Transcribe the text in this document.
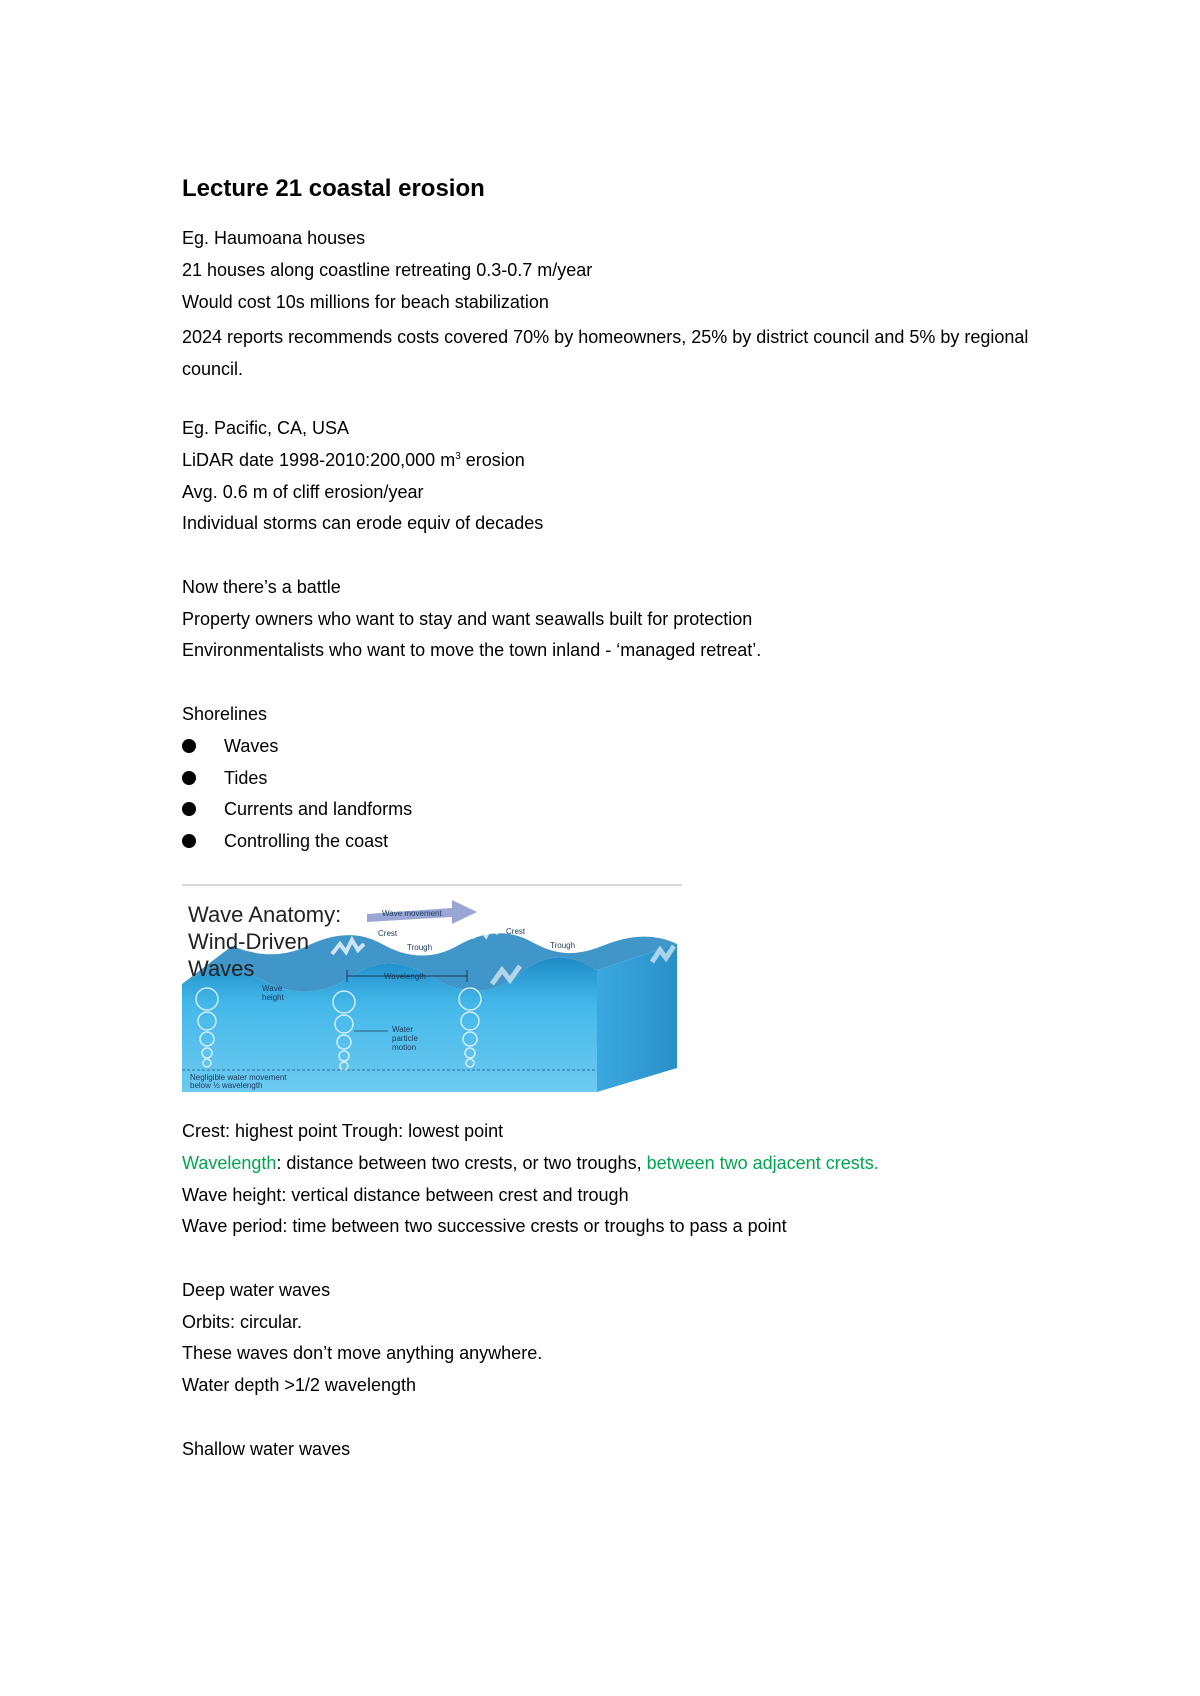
Lecture 21 coastal erosion
Eg. Haumoana houses
21 houses along coastline retreating 0.3-0.7 m/year
Would cost 10s millions for beach stabilization
2024 reports recommends costs covered 70% by homeowners, 25% by district council and 5% by regional council.
Eg. Pacific, CA, USA
LiDAR date 1998-2010:200,000 $m^3$ erosion
Avg. 0.6 m of cliff erosion/year
Individual storms can erode equiv of decades
Now there’s a battle
Property owners who want to stay and want seawalls built for protection
Environmentalists who want to move the town inland - ‘managed retreat’.
Shorelines
Waves
Tides
Currents and landforms
Controlling the coast
Wave movement
Crest
Trough
Crest
Trough
Wavelength
Wave
height
Water
particle
motion
Negligible water movement
below ½ wavelength
Wave Anatomy:
Wind-Driven
Waves
Crest: highest point Trough: lowest point
Wavelength: distance between two crests, or two troughs, between two adjacent crests.
Wave height: vertical distance between crest and trough
Wave period: time between two successive crests or troughs to pass a point
Deep water waves
Orbits: circular.
These waves don’t move anything anywhere.
Water depth >1/2 wavelength
Shallow water waves
